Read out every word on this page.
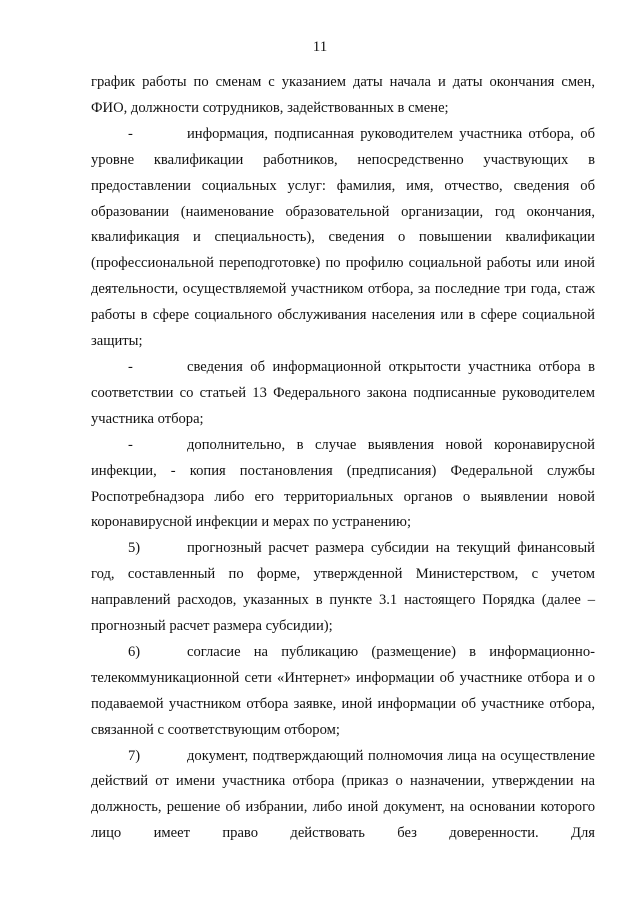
11

график работы по сменам с указанием даты начала и даты окончания смен, ФИО, должности сотрудников, задействованных в смене;

-	информация, подписанная руководителем участника отбора, об уровне квалификации работников, непосредственно участвующих в предоставлении социальных услуг: фамилия, имя, отчество, сведения об образовании (наименование образовательной организации, год окончания, квалификация и специальность), сведения о повышении квалификации (профессиональной переподготовке) по профилю социальной работы или иной деятельности, осуществляемой участником отбора, за последние три года, стаж работы в сфере социального обслуживания населения или в сфере социальной защиты;

-	сведения об информационной открытости участника отбора в соответствии со статьей 13 Федерального закона подписанные руководителем участника отбора;

-	дополнительно, в случае выявления новой коронавирусной инфекции, - копия постановления (предписания) Федеральной службы Роспотребнадзора либо его территориальных органов о выявлении новой коронавирусной инфекции и мерах по устранению;

5)	прогнозный расчет размера субсидии на текущий финансовый год, составленный по форме, утвержденной Министерством, с учетом направлений расходов, указанных в пункте 3.1 настоящего Порядка (далее – прогнозный расчет размера субсидии);

6)	согласие на публикацию (размещение) в информационно-телекоммуникационной сети «Интернет» информации об участнике отбора и о подаваемой участником отбора заявке, иной информации об участнике отбора, связанной с соответствующим отбором;

7)	документ, подтверждающий полномочия лица на осуществление действий от имени участника отбора (приказ о назначении, утверждении на должность, решение об избрании, либо иной документ, на основании которого лицо имеет право действовать без доверенности. Для
